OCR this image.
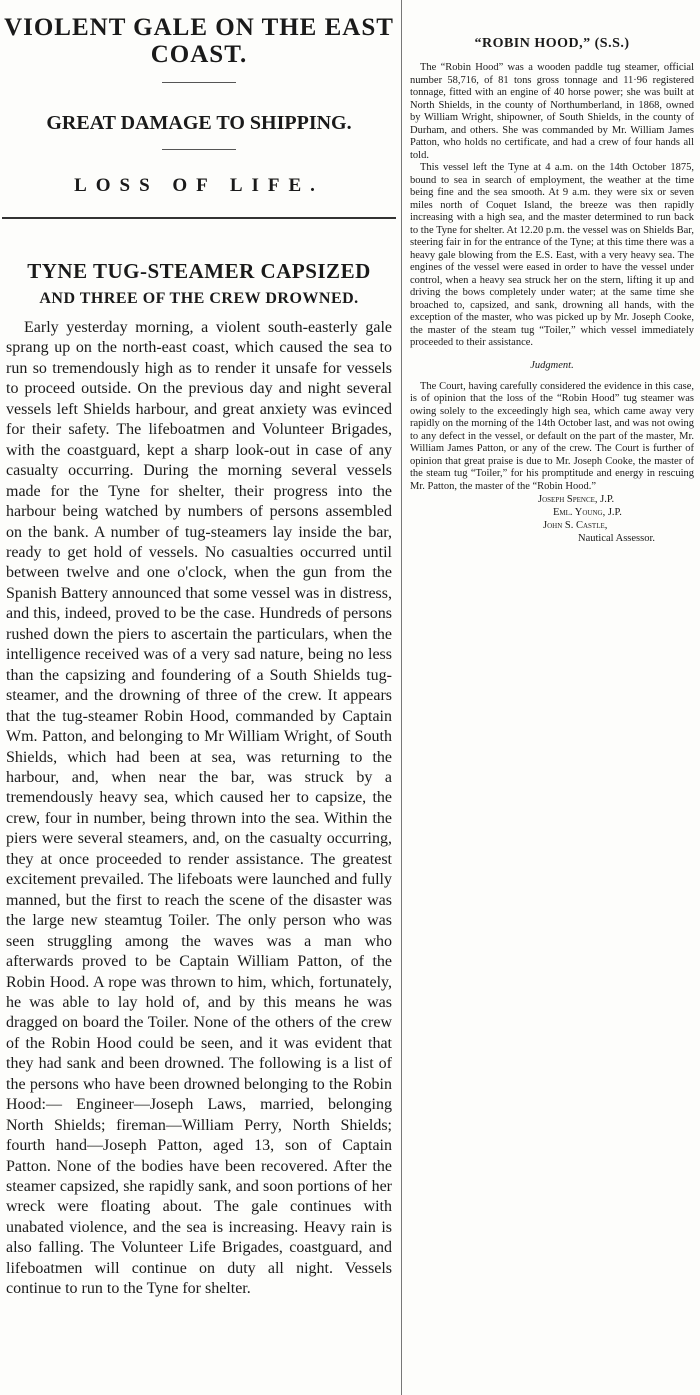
VIOLENT GALE ON THE EAST COAST.
GREAT DAMAGE TO SHIPPING.
LOSS OF LIFE.
TYNE TUG-STEAMER CAPSIZED
AND THREE OF THE CREW DROWNED.

Early yesterday morning, a violent south-easterly gale sprang up on the north-east coast, which caused the sea to run so tremendously high as to render it unsafe for vessels to proceed outside. On the previous day and night several vessels left Shields harbour, and great anxiety was evinced for their safety. The lifeboatmen and Volunteer Brigades, with the coastguard, kept a sharp look-out in case of any casualty occurring. During the morning several vessels made for the Tyne for shelter, their progress into the harbour being watched by numbers of persons assembled on the bank. A number of tug-steamers lay inside the bar, ready to get hold of vessels. No casualties occurred until between twelve and one o'clock, when the gun from the Spanish Battery announced that some vessel was in distress, and this, indeed, proved to be the case. Hundreds of persons rushed down the piers to ascertain the particulars, when the intelligence received was of a very sad nature, being no less than the capsizing and foundering of a South Shields tug-steamer, and the drowning of three of the crew. It appears that the tug-steamer Robin Hood, commanded by Captain Wm. Patton, and belonging to Mr William Wright, of South Shields, which had been at sea, was returning to the harbour, and, when near the bar, was struck by a tremendously heavy sea, which caused her to capsize, the crew, four in number, being thrown into the sea. Within the piers were several steamers, and, on the casualty occurring, they at once proceeded to render assistance. The greatest excitement prevailed. The lifeboats were launched and fully manned, but the first to reach the scene of the disaster was the large new steamtug Toiler. The only person who was seen struggling among the waves was a man who afterwards proved to be Captain William Patton, of the Robin Hood. A rope was thrown to him, which, fortunately, he was able to lay hold of, and by this means he was dragged on board the Toiler. None of the others of the crew of the Robin Hood could be seen, and it was evident that they had sank and been drowned. The following is a list of the persons who have been drowned belonging to the Robin Hood:— Engineer—Joseph Laws, married, belonging North Shields; fireman—William Perry, North Shields; fourth hand—Joseph Patton, aged 13, son of Captain Patton. None of the bodies have been recovered. After the steamer capsized, she rapidly sank, and soon portions of her wreck were floating about. The gale continues with unabated violence, and the sea is increasing. Heavy rain is also falling. The Volunteer Life Brigades, coastguard, and lifeboatmen will continue on duty all night. Vessels continue to run to the Tyne for shelter.

“ROBIN HOOD,” (S.S.)

The “Robin Hood” was a wooden paddle tug steamer, official number 58,716, of 81 tons gross tonnage and 11·96 registered tonnage, fitted with an engine of 40 horse power; she was built at North Shields, in the county of Northumberland, in 1868, owned by William Wright, shipowner, of South Shields, in the county of Durham, and others. She was commanded by Mr. William James Patton, who holds no certificate, and had a crew of four hands all told.

This vessel left the Tyne at 4 a.m. on the 14th October 1875, bound to sea in search of employment, the weather at the time being fine and the sea smooth. At 9 a.m. they were six or seven miles north of Coquet Island, the breeze was then rapidly increasing with a high sea, and the master determined to run back to the Tyne for shelter. At 12.20 p.m. the vessel was on Shields Bar, steering fair in for the entrance of the Tyne; at this time there was a heavy gale blowing from the E.S. East, with a very heavy sea. The engines of the vessel were eased in order to have the vessel under control, when a heavy sea struck her on the stern, lifting it up and driving the bows completely under water; at the same time she broached to, capsized, and sank, drowning all hands, with the exception of the master, who was picked up by Mr. Joseph Cooke, the master of the steam tug “Toiler,” which vessel immediately proceeded to their assistance.

Judgment.

The Court, having carefully considered the evidence in this case, is of opinion that the loss of the “Robin Hood” tug steamer was owing solely to the exceedingly high sea, which came away very rapidly on the morning of the 14th October last, and was not owing to any defect in the vessel, or default on the part of the master, Mr. William James Patton, or any of the crew. The Court is further of opinion that great praise is due to Mr. Joseph Cooke, the master of the steam tug “Toiler,” for his promptitude and energy in rescuing Mr. Patton, the master of the “Robin Hood.”

Joseph Spence, J.P.
Eml. Young, J.P.
John S. Castle,
Nautical Assessor.
